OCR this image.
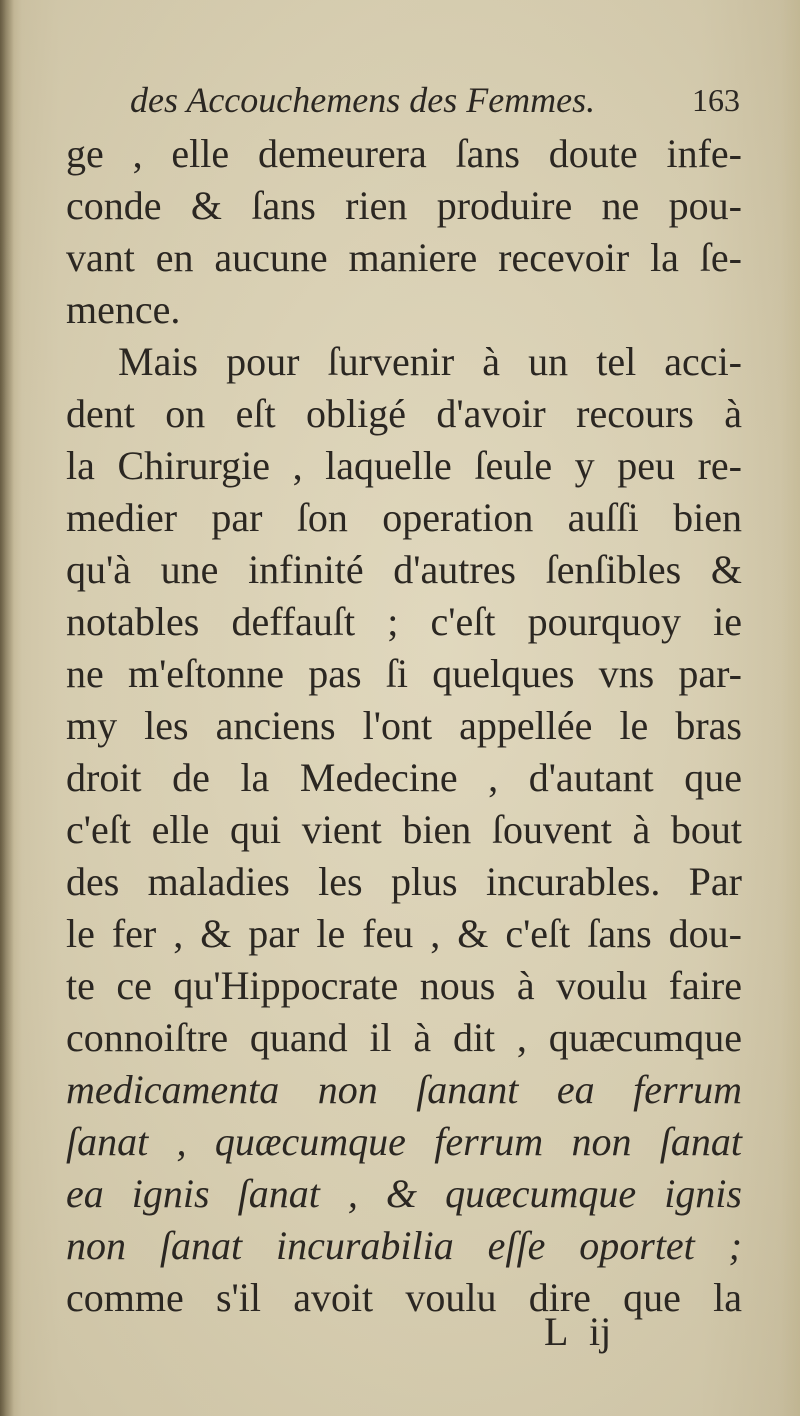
des Accouchemens des Femmes.	163
ge , elle demeurera ſans doute infe-
conde & ſans rien produire ne pou-
vant en aucune maniere recevoir la ſe-
mence.
Mais pour ſurvenir à un tel acci-
dent on eſt obligé d'avoir recours à
la Chirurgie , laquelle ſeule y peu re-
medier par ſon operation auſſi bien
qu'à une infinité d'autres ſenſibles &
notables deffauſt ; c'eſt pourquoy ie
ne m'eſtonne pas ſi quelques vns par-
my les anciens l'ont appellée le bras
droit de la Medecine , d'autant que
c'eſt elle qui vient bien ſouvent à bout
des maladies les plus incurables. Par
le fer , & par le feu , & c'eſt ſans dou-
te ce qu'Hippocrate nous à voulu faire
connoiſtre quand il à dit , quæcumque
medicamenta non ſanant ea ferrum
ſanat , quæcumque ferrum non ſanat
ea ignis ſanat , & quæcumque ignis
non ſanat incurabilia eſſe oportet ;
comme s'il avoit voulu dire que la
L ij
